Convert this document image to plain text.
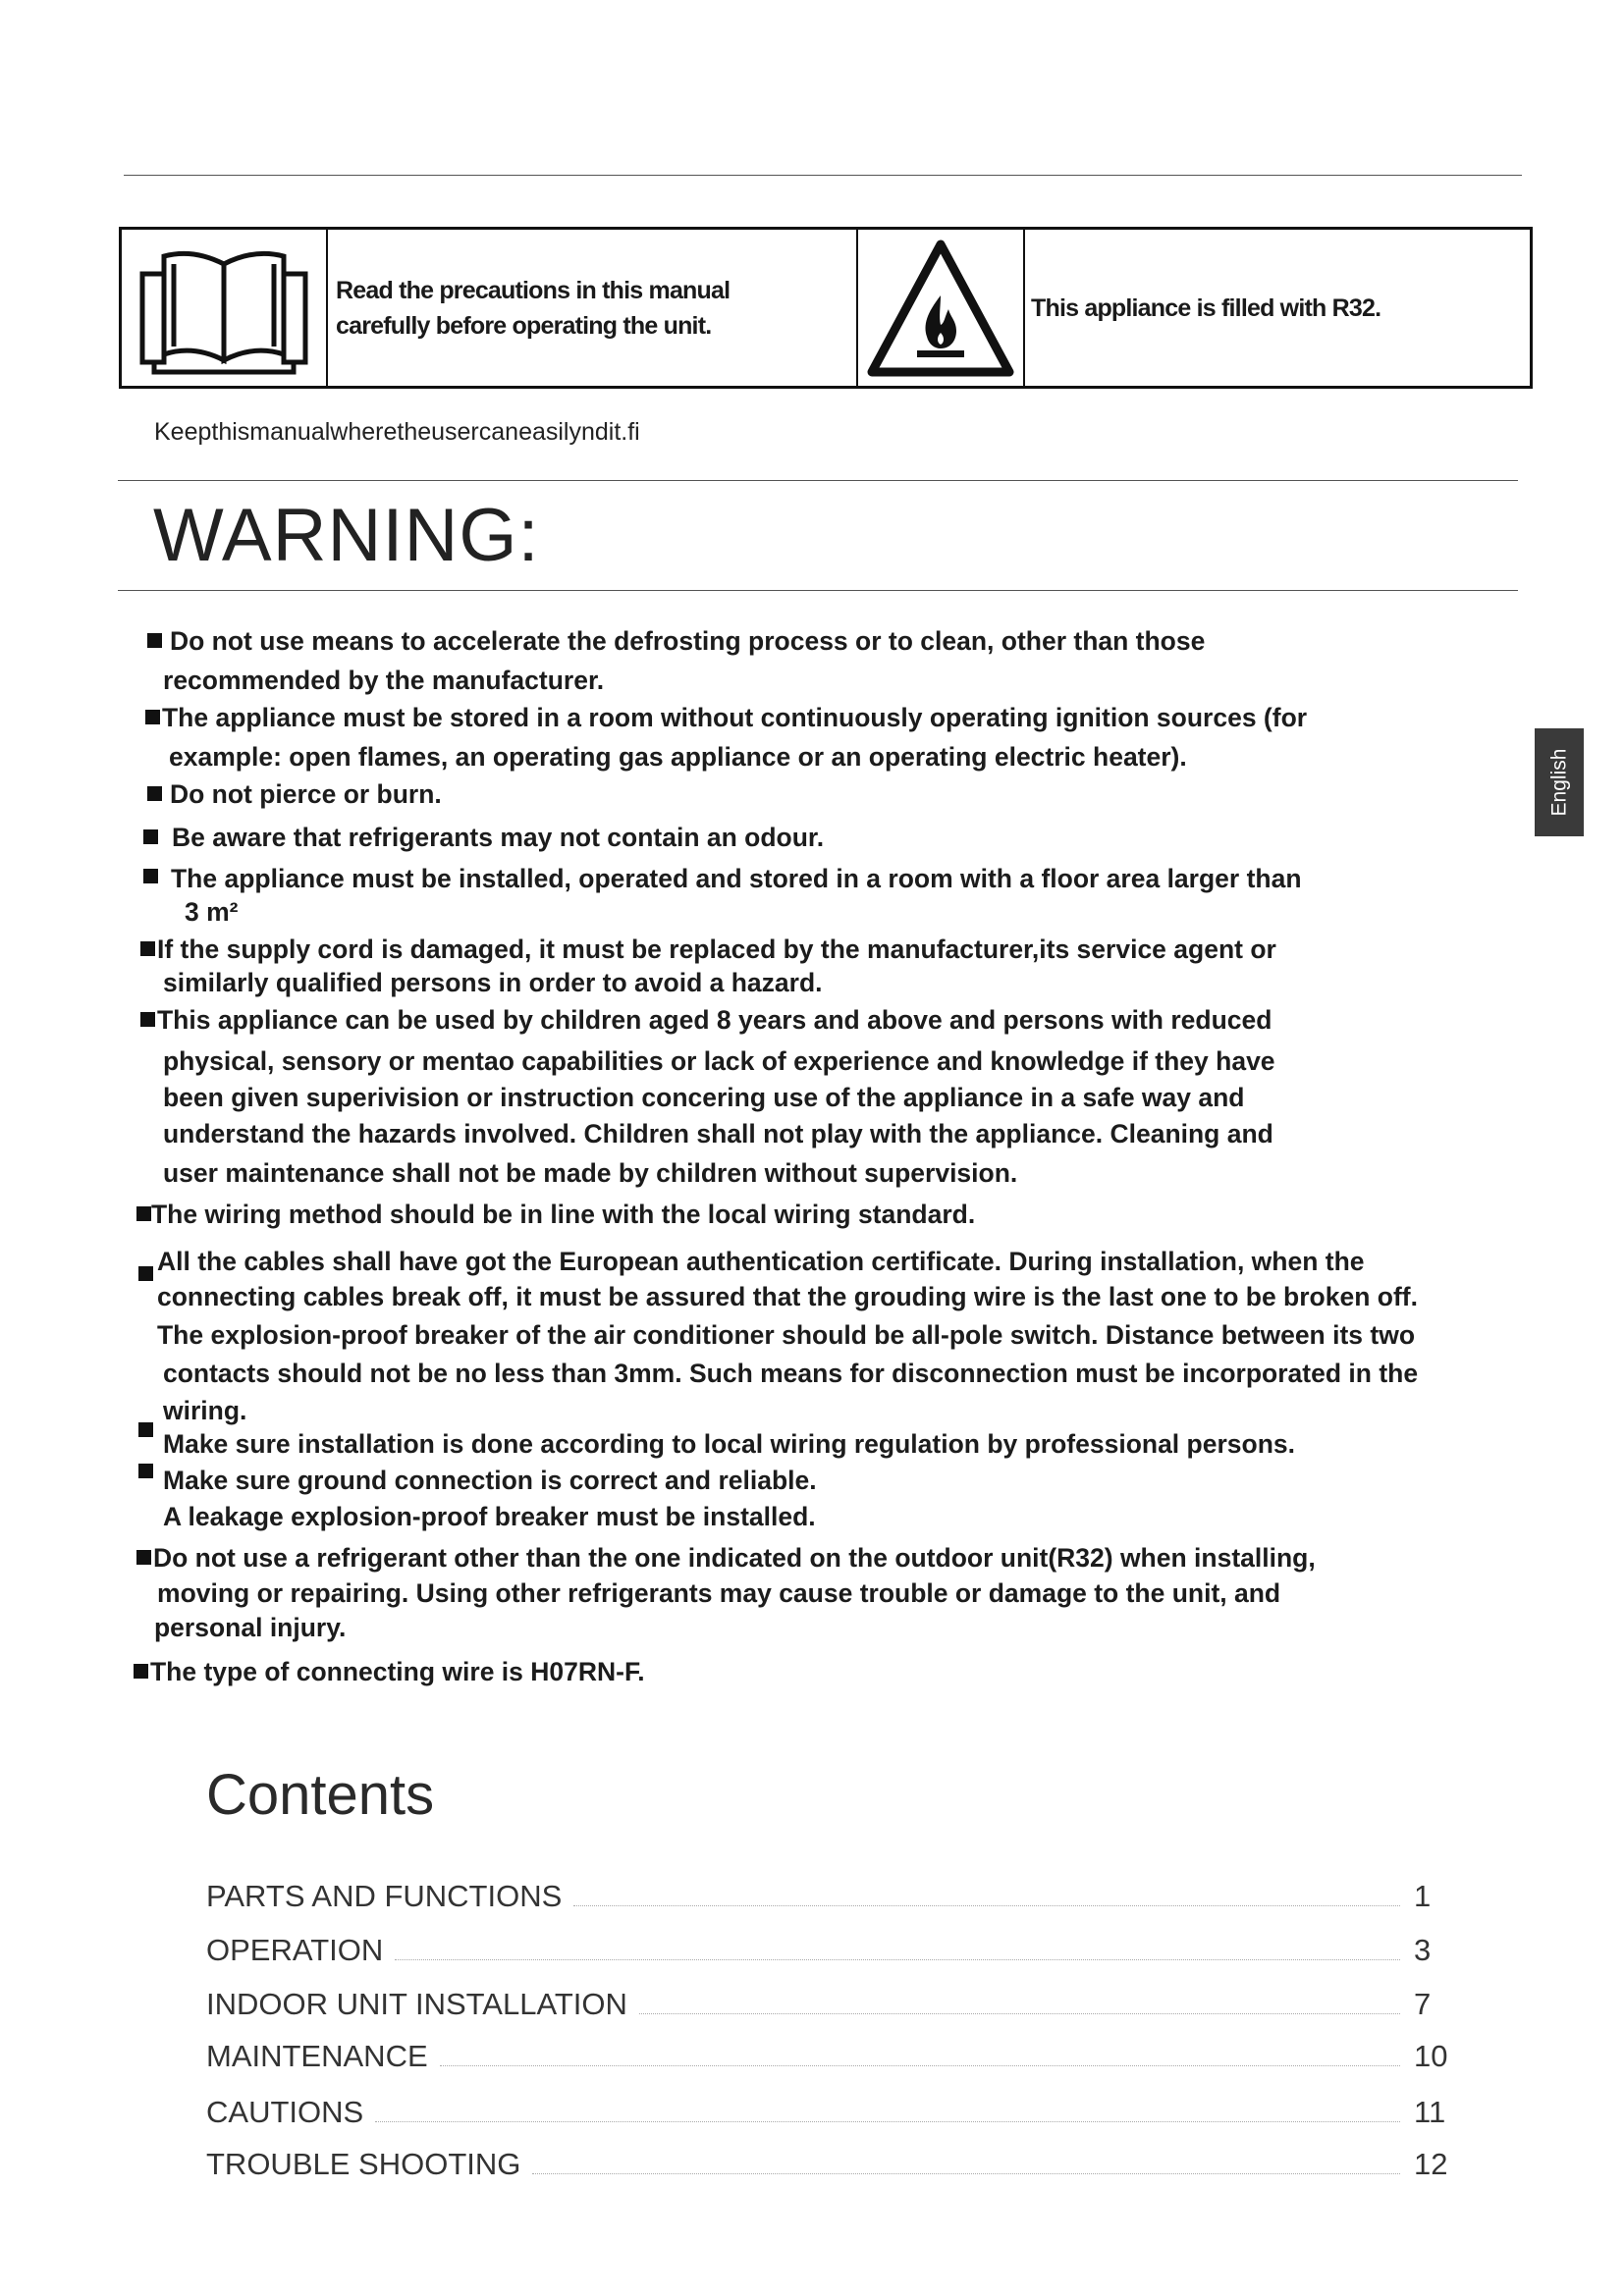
Read the precautions in this manual
carefully before operating the unit.
This appliance is filled with R32.
Keepthismanualwheretheusercaneasilyndit.fi
WARNING:
English
Do not use means to accelerate the defrosting process or to clean, other than those
recommended by the manufacturer.
The appliance must be stored in a room without continuously operating ignition sources (for
example: open flames, an operating gas appliance or an operating electric heater).
Do not pierce or burn.
Be aware that refrigerants may not contain an odour.
The appliance must be installed, operated and stored in a room with a floor area larger than
3 m²
If the supply cord is damaged, it must be replaced by the manufacturer,its service agent or
similarly qualified persons in order to avoid a hazard.
This appliance can be used by children aged 8 years and above and persons with reduced
physical, sensory or mentao capabilities or lack of experience and knowledge if they have
been given superivision or instruction concering use of the appliance in a safe way and
understand the hazards involved. Children shall not play with the appliance. Cleaning and
user maintenance shall not be made by children without supervision.
The wiring method should be in line with the local wiring standard.
All the cables shall have got the European authentication certificate. During installation, when the
connecting cables break off, it must be assured that the grouding wire is the last one to be broken off.
The explosion-proof breaker of the air conditioner should be all-pole switch. Distance between its two
contacts should not be no less than 3mm. Such means for disconnection must be incorporated in the
wiring.
Make sure installation is done according to local wiring regulation by professional persons.
Make sure ground connection is correct and reliable.
A leakage explosion-proof breaker must be installed.
Do not use a refrigerant other than the one indicated on the outdoor unit(R32) when installing,
moving or repairing. Using other refrigerants may cause trouble or damage to the unit, and
personal injury.
The type of connecting wire is H07RN-F.
Contents
PARTS AND FUNCTIONS	1
OPERATION	3
INDOOR UNIT INSTALLATION	7
MAINTENANCE	10
CAUTIONS	11
TROUBLE SHOOTING	12
